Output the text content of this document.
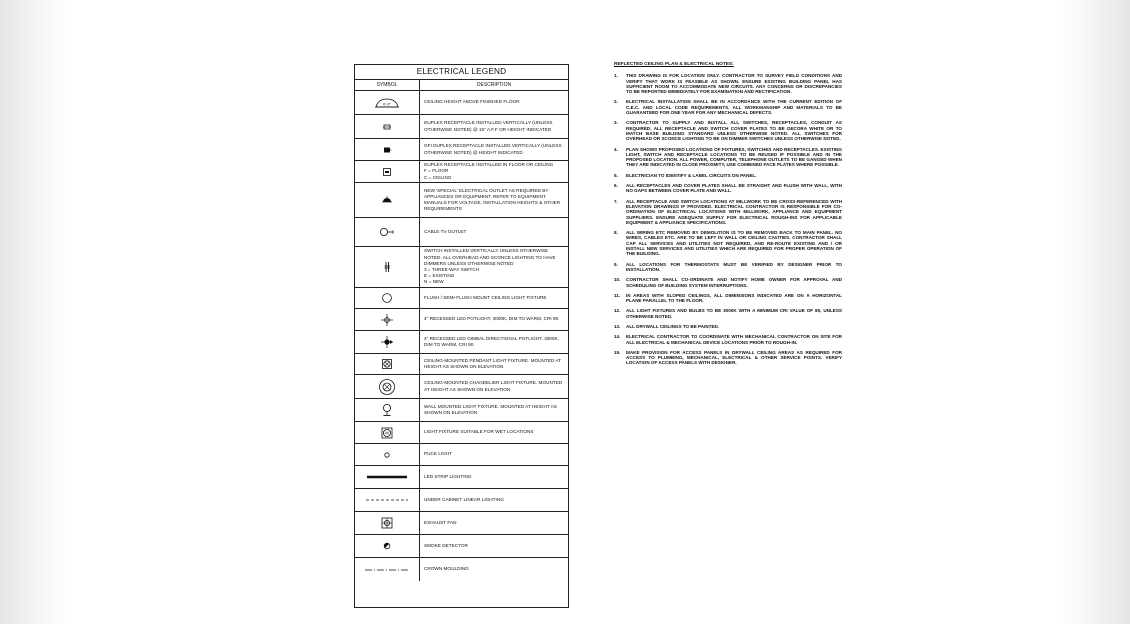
ELECTRICAL LEGEND
SYMBOL	DESCRIPTION
0'-0"	CEILING HEIGHT ABOVE FINISHED FLOOR
DUPLEX RECEPTACLE INSTALLED VERTICALLY (UNLESS OTHERWISE NOTED) @ 15" A.F.F OR HEIGHT INDICATED
GFI DUPLEX RECEPTACLE INSTALLED VERTICALLY (UNLESS OTHERWISE NOTED) @ HEIGHT INDICATED
DUPLEX RECEPTACLE INSTALLED IN FLOOR OR CEILING
F = FLOOR
C = CEILING
NEW 'SPECIAL' ELECTRICAL OUTLET AS REQUIRED BY APPLIANCES OR EQUIPMENT. REFER TO EQUIPMENT MANUALS FOR VOLTAGE, INSTALLATION HEIGHTS & OTHER REQUIREMENTS
CABLE TV OUTLET
SWITCH INSTALLED VERTICALLY UNLESS OTHERWISE NOTED. ALL OVERHEAD AND SCONCE LIGHTING TO HAVE DIMMERS UNLESS OTHERWISE NOTED
3 = THREE-WAY SWITCH
E = EXISTING
N = NEW
FLUSH / SEMI-FLUSH MOUNT CEILING LIGHT FIXTURE
4" RECESSED LED POTLIGHT, 3000K, DIM TO WARM, CRI 90.
4" RECESSED LED GIMBAL DIRECTIONAL POTLIGHT, 3000K, DIM TO WARM, CRI 90.
CEILING-MOUNTED PENDANT LIGHT FIXTURE. MOUNTED AT HEIGHT AS SHOWN ON ELEVATION
CEILING-MOUNTED CHANDELIER LIGHT FIXTURE. MOUNTED AT HEIGHT AS SHOWN ON ELEVATION
WALL MOUNTED LIGHT FIXTURE. MOUNTED AT HEIGHT AS SHOWN ON ELEVATION
W	LIGHT FIXTURE SUITABLE FOR WET LOCATIONS
PUCK LIGHT
LED STRIP LIGHTING
UNDER CABINET LINEAR LIGHTING
EXHAUST FAN
SMOKE DETECTOR
CROWN MOULDING
REFLECTED CEILING PLAN & ELECTRICAL NOTES:
1.	THIS DRAWING IS FOR LOCATION ONLY. CONTRACTOR TO SURVEY FIELD CONDITIONS AND VERIFY THAT WORK IS FEASIBLE AS SHOWN. ENSURE EXISTING BUILDING PANEL HAS SUFFICIENT ROOM TO ACCOMMODATE NEW CIRCUITS. ANY CONCERNS OR DISCREPANCIES TO BE REPORTED IMMEDIATELY FOR EXAMINATION AND RECTIFICATION.
2.	ELECTRICAL INSTALLATION SHALL BE IN ACCORDANCE WITH THE CURRENT EDITION OF C.E.C. AND LOCAL CODE REQUIREMENTS. ALL WORKMANSHIP AND MATERIALS TO BE GUARANTEED FOR ONE YEAR FOR ANY MECHANICAL DEFECTS.
3.	CONTRACTOR TO SUPPLY AND INSTALL ALL SWITCHES, RECEPTACLES, CONDUIT AS REQUIRED. ALL RECEPTACLE AND SWITCH COVER PLATES TO BE DECORA WHITE OR TO MATCH BASE BUILDING STANDARD UNLESS OTHERWISE NOTED. ALL SWITCHES FOR OVERHEAD OR SCONCE LIGHTING TO BE ON DIMMER SWITCHES UNLESS OTHERWISE NOTED.
4.	PLAN SHOWS PROPOSED LOCATIONS OF FIXTURES, SWITCHES AND RECEPTACLES. EXISTING LIGHT, SWITCH AND RECEPTACLE LOCATIONS TO BE REUSED IF POSSIBLE AND IN THE PROPOSED LOCATION. ALL POWER, COMPUTER, TELEPHONE OUTLETS TO BE GANGED WHEN THEY ARE INDICATED IN CLOSE PROXIMITY, USE COMBINED FACE PLATES WHERE POSSIBLE.
5.	ELECTRICIAN TO IDENTIFY & LABEL CIRCUITS ON PANEL.
6.	ALL RECEPTACLES AND COVER PLATES SHALL BE STRAIGHT AND FLUSH WITH WALL, WITH NO GAPS BETWEEN COVER PLATE AND WALL.
7.	ALL RECEPTACLE AND SWITCH LOCATIONS AT MILLWORK TO BE CROSS-REFERENCED WITH ELEVATION DRAWINGS IF PROVIDED. ELECTRICAL CONTRACTOR IS RESPONSIBLE FOR CO-ORDINATION OF ELECTRICAL LOCATIONS WITH MILLWORK, APPLIANCE AND EQUIPMENT SUPPLIERS. ENSURE ADEQUATE SUPPLY FOR ELECTRICAL ROUGH-INS FOR APPLICABLE EQUIPMENT & APPLIANCE SPECIFICATIONS.
8.	ALL WIRING ETC REMOVED BY DEMOLITION IS TO BE REMOVED BACK TO MAIN PANEL. NO WIRES, CABLES ETC. ARE TO BE LEFT IN WALL OR CEILING CAVITIES. CONTRACTOR SHALL CAP ALL SERVICES AND UTILITIES NOT REQUIRED, AND RE-ROUTE EXISTING AND / OR INSTALL NEW SERVICES AND UTILITIES WHICH ARE REQUIRED FOR PROPER OPERATION OF THE BUILDING.
9.	ALL LOCATIONS FOR THERMOSTATS MUST BE VERIFIED BY DESIGNER PRIOR TO INSTALLATION.
10.	CONTRACTOR SHALL CO-ORDINATE AND NOTIFY HOME OWNER FOR APPROVAL AND SCHEDULING OF BUILDING SYSTEM INTERRUPTIONS.
11.	IN AREAS WITH SLOPED CEILINGS, ALL DIMENSIONS INDICATED ARE ON A HORIZONTAL PLANE PARALLEL TO THE FLOOR.
12.	ALL LIGHT FIXTURES AND BULBS TO BE 3000K WITH A MINIMUM CRI VALUE OF 80, UNLESS OTHERWISE NOTED.
13.	ALL DRYWALL CEILINGS TO BE PAINTED.
14.	ELECTRICAL CONTRACTOR TO COORDINATE WITH MECHANICAL CONTRACTOR ON SITE FOR ALL ELECTRICAL & MECHANICAL DEVICE LOCATIONS PRIOR TO ROUGH-IN.
15.	MAKE PROVISION FOR ACCESS PANELS IN DRYWALL CEILING AREAS AS REQUIRED FOR ACCESS TO PLUMBING, MECHANICAL, ELECTRICAL & OTHER SERVICE POINTS. VERIFY LOCATION OF ACCESS PANELS WITH DESIGNER.
